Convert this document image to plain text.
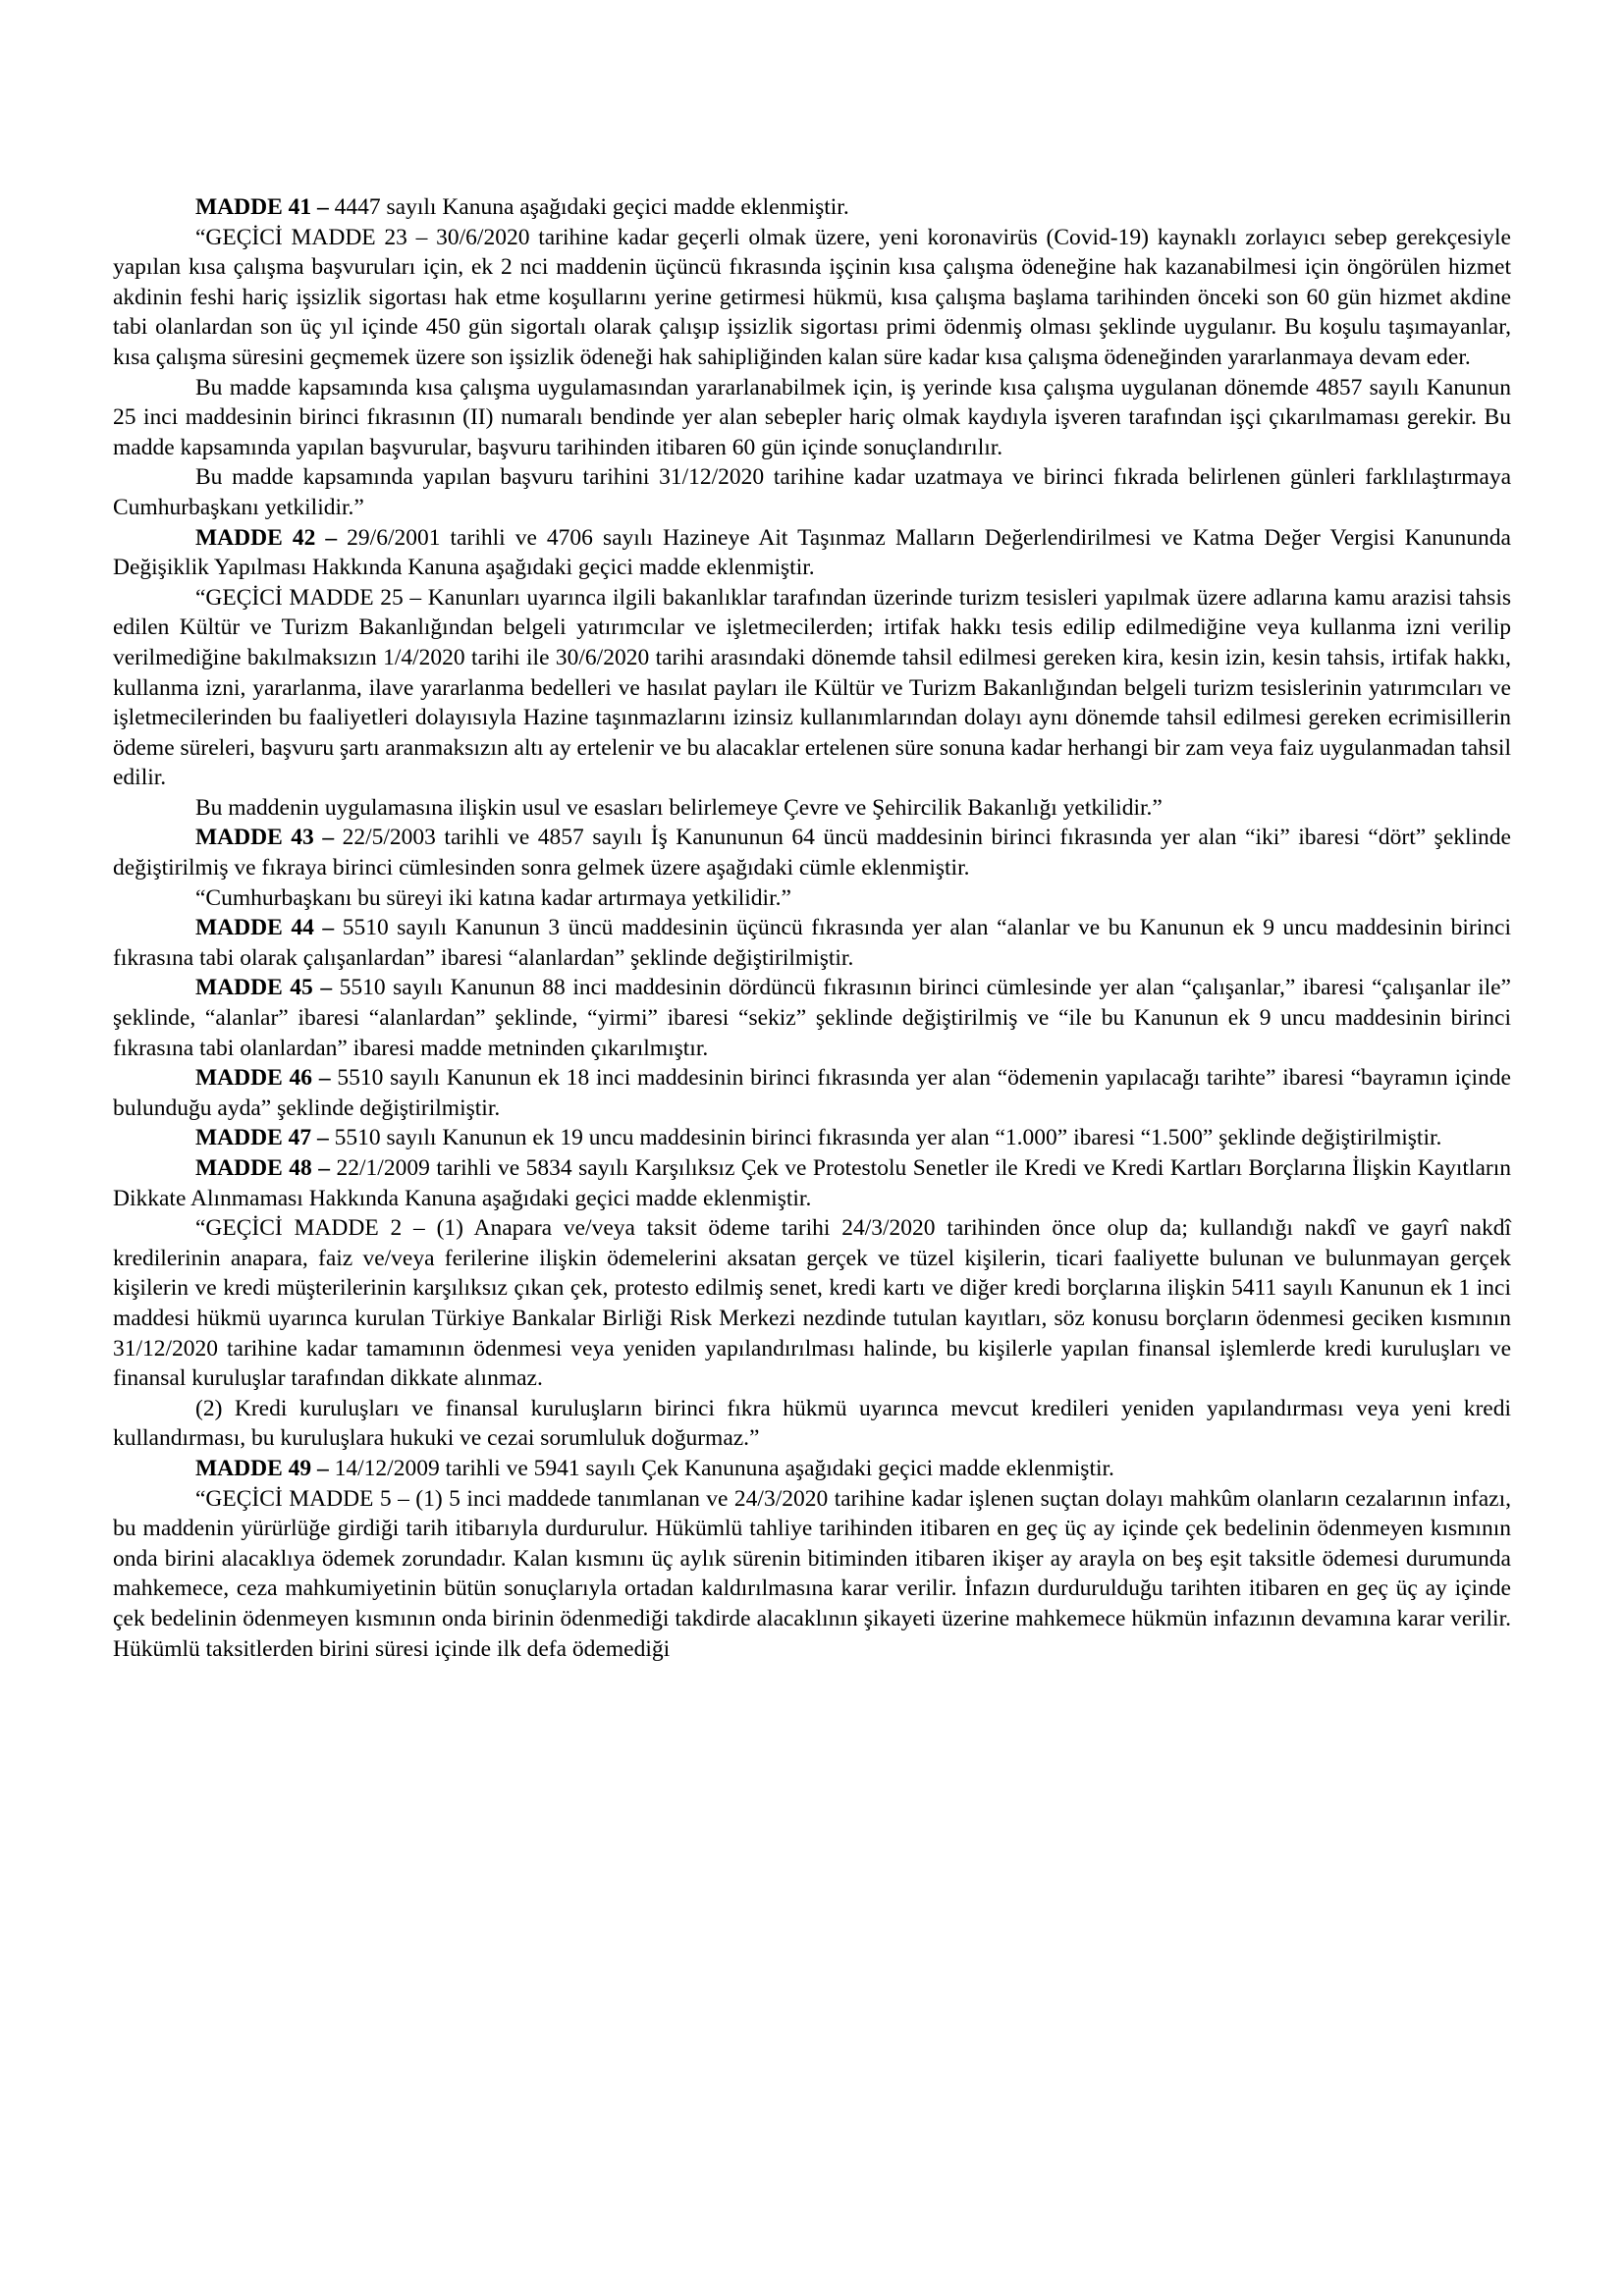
MADDE 41 – 4447 sayılı Kanuna aşağıdaki geçici madde eklenmiştir.

“GEÇİCİ MADDE 23 – 30/6/2020 tarihine kadar geçerli olmak üzere, yeni koronavirüs (Covid-19) kaynaklı zorlayıcı sebep gerekçesiyle yapılan kısa çalışma başvuruları için, ek 2 nci maddenin üçüncü fıkrasında işçinin kısa çalışma ödeneğine hak kazanabilmesi için öngörülen hizmet akdinin feshi hariç işsizlik sigortası hak etme koşullarını yerine getirmesi hükmü, kısa çalışma başlama tarihinden önceki son 60 gün hizmet akdine tabi olanlardan son üç yıl içinde 450 gün sigortalı olarak çalışıp işsizlik sigortası primi ödenmiş olması şeklinde uygulanır. Bu koşulu taşımayanlar, kısa çalışma süresini geçmemek üzere son işsizlik ödeneği hak sahipliğinden kalan süre kadar kısa çalışma ödeneğinden yararlanmaya devam eder.

Bu madde kapsamında kısa çalışma uygulamasından yararlanabilmek için, iş yerinde kısa çalışma uygulanan dönemde 4857 sayılı Kanunun 25 inci maddesinin birinci fıkrasının (II) numaralı bendinde yer alan sebepler hariç olmak kaydıyla işveren tarafından işçi çıkarılmaması gerekir. Bu madde kapsamında yapılan başvurular, başvuru tarihinden itibaren 60 gün içinde sonuçlandırılır.

Bu madde kapsamında yapılan başvuru tarihini 31/12/2020 tarihine kadar uzatmaya ve birinci fıkrada belirlenen günleri farklılaştırmaya Cumhurbaşkanı yetkilidir.”

MADDE 42 – 29/6/2001 tarihli ve 4706 sayılı Hazineye Ait Taşınmaz Malların Değerlendirilmesi ve Katma Değer Vergisi Kanununda Değişiklik Yapılması Hakkında Kanuna aşağıdaki geçici madde eklenmiştir.

“GEÇİCİ MADDE 25 – Kanunları uyarınca ilgili bakanlıklar tarafından üzerinde turizm tesisleri yapılmak üzere adlarına kamu arazisi tahsis edilen Kültür ve Turizm Bakanlığından belgeli yatırımcılar ve işletmecilerden; irtifak hakkı tesis edilip edilmediğine veya kullanma izni verilip verilmediğine bakılmaksızın 1/4/2020 tarihi ile 30/6/2020 tarihi arasındaki dönemde tahsil edilmesi gereken kira, kesin izin, kesin tahsis, irtifak hakkı, kullanma izni, yararlanma, ilave yararlanma bedelleri ve hasılat payları ile Kültür ve Turizm Bakanlığından belgeli turizm tesislerinin yatırımcıları ve işletmecilerinden bu faaliyetleri dolayısıyla Hazine taşınmazlarını izinsiz kullanımlarından dolayı aynı dönemde tahsil edilmesi gereken ecrimisillerin ödeme süreleri, başvuru şartı aranmaksızın altı ay ertelenir ve bu alacaklar ertelenen süre sonuna kadar herhangi bir zam veya faiz uygulanmadan tahsil edilir.

Bu maddenin uygulamasına ilişkin usul ve esasları belirlemeye Çevre ve Şehircilik Bakanlığı yetkilidir.”

MADDE 43 – 22/5/2003 tarihli ve 4857 sayılı İş Kanununun 64 üncü maddesinin birinci fıkrasında yer alan “iki” ibaresi “dört” şeklinde değiştirilmiş ve fıkraya birinci cümlesinden sonra gelmek üzere aşağıdaki cümle eklenmiştir.

“Cumhurbaşkanı bu süreyi iki katına kadar artırmaya yetkilidir.”

MADDE 44 – 5510 sayılı Kanunun 3 üncü maddesinin üçüncü fıkrasında yer alan “alanlar ve bu Kanunun ek 9 uncu maddesinin birinci fıkrasına tabi olarak çalışanlardan” ibaresi “alanlardan” şeklinde değiştirilmiştir.

MADDE 45 – 5510 sayılı Kanunun 88 inci maddesinin dördüncü fıkrasının birinci cümlesinde yer alan “çalışanlar,” ibaresi “çalışanlar ile” şeklinde, “alanlar” ibaresi “alanlardan” şeklinde, “yirmi” ibaresi “sekiz” şeklinde değiştirilmiş ve “ile bu Kanunun ek 9 uncu maddesinin birinci fıkrasına tabi olanlardan” ibaresi madde metninden çıkarılmıştır.

MADDE 46 – 5510 sayılı Kanunun ek 18 inci maddesinin birinci fıkrasında yer alan “ödemenin yapılacağı tarihte” ibaresi “bayramın içinde bulunduğu ayda” şeklinde değiştirilmiştir.

MADDE 47 – 5510 sayılı Kanunun ek 19 uncu maddesinin birinci fıkrasında yer alan “1.000” ibaresi “1.500” şeklinde değiştirilmiştir.

MADDE 48 – 22/1/2009 tarihli ve 5834 sayılı Karşılıksız Çek ve Protestolu Senetler ile Kredi ve Kredi Kartları Borçlarına İlişkin Kayıtların Dikkate Alınmaması Hakkında Kanuna aşağıdaki geçici madde eklenmiştir.

“GEÇİCİ MADDE 2 – (1) Anapara ve/veya taksit ödeme tarihi 24/3/2020 tarihinden önce olup da; kullandığı nakdî ve gayrî nakdî kredilerinin anapara, faiz ve/veya ferilerine ilişkin ödemelerini aksatan gerçek ve tüzel kişilerin, ticari faaliyette bulunan ve bulunmayan gerçek kişilerin ve kredi müşterilerinin karşılıksız çıkan çek, protesto edilmiş senet, kredi kartı ve diğer kredi borçlarına ilişkin 5411 sayılı Kanunun ek 1 inci maddesi hükmü uyarınca kurulan Türkiye Bankalar Birliği Risk Merkezi nezdinde tutulan kayıtları, söz konusu borçların ödenmesi geciken kısmının 31/12/2020 tarihine kadar tamamının ödenmesi veya yeniden yapılandırılması halinde, bu kişilerle yapılan finansal işlemlerde kredi kuruluşları ve finansal kuruluşlar tarafından dikkate alınmaz.

(2) Kredi kuruluşları ve finansal kuruluşların birinci fıkra hükmü uyarınca mevcut kredileri yeniden yapılandırması veya yeni kredi kullandırması, bu kuruluşlara hukuki ve cezai sorumluluk doğurmaz.”

MADDE 49 – 14/12/2009 tarihli ve 5941 sayılı Çek Kanununa aşağıdaki geçici madde eklenmiştir.

“GEÇİCİ MADDE 5 – (1) 5 inci maddede tanımlanan ve 24/3/2020 tarihine kadar işlenen suçtan dolayı mahkûm olanların cezalarının infazı, bu maddenin yürürlüğe girdiği tarih itibarıyla durdurulur. Hükümlü tahliye tarihinden itibaren en geç üç ay içinde çek bedelinin ödenmeyen kısmının onda birini alacaklıya ödemek zorundadır. Kalan kısmını üç aylık sürenin bitiminden itibaren ikişer ay arayla on beş eşit taksitle ödemesi durumunda mahkemece, ceza mahkumiyetinin bütün sonuçlarıyla ortadan kaldırılmasına karar verilir. İnfazın durdurulduğu tarihten itibaren en geç üç ay içinde çek bedelinin ödenmeyen kısmının onda birinin ödenmediği takdirde alacaklının şikayeti üzerine mahkemece hükmün infazının devamına karar verilir. Hükümlü taksitlerden birini süresi içinde ilk defa ödemediği
